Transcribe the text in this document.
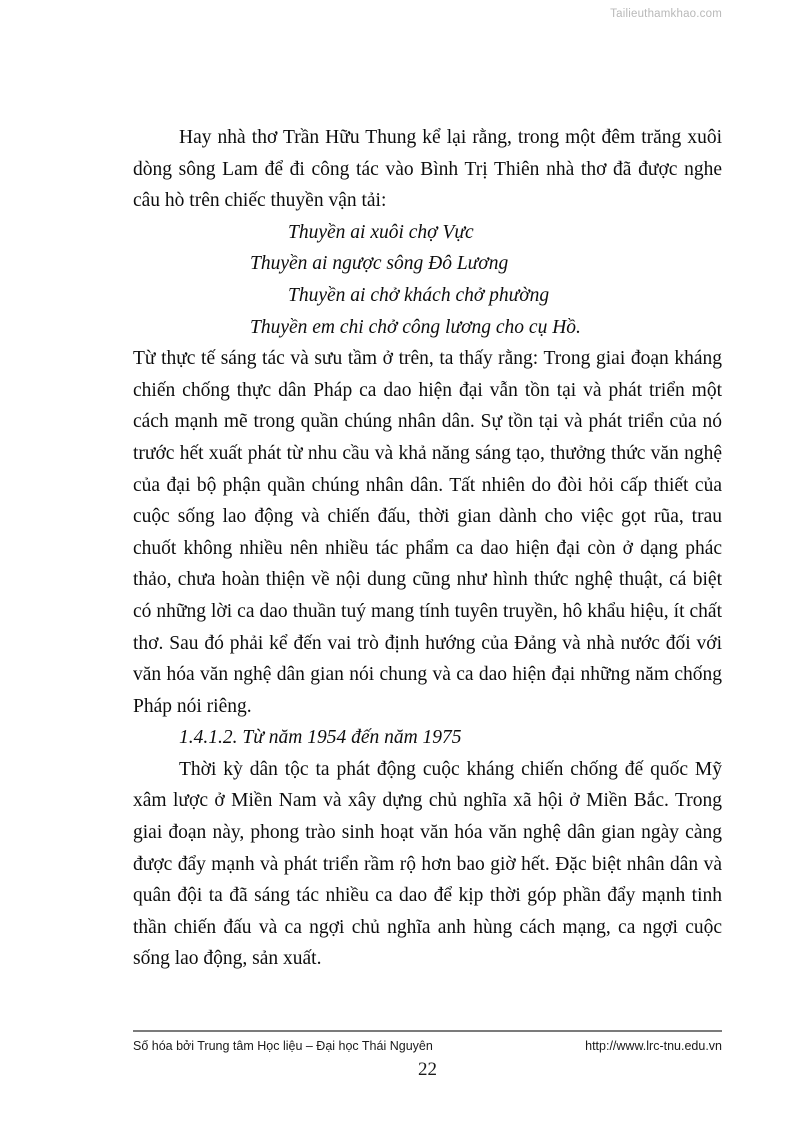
Tailieuthamkhao.com

Hay nhà thơ Trần Hữu Thung kể lại rằng, trong một đêm trăng xuôi dòng sông Lam để đi công tác vào Bình Trị Thiên nhà thơ đã được nghe câu hò trên chiếc thuyền vận tải:

Thuyền ai xuôi chợ Vực
Thuyền ai ngược sông Đô Lương
Thuyền ai chở khách chở phường
Thuyền em chi chở công lương cho cụ Hồ.

Từ thực tế sáng tác và sưu tầm ở trên, ta thấy rằng: Trong giai đoạn kháng chiến chống thực dân Pháp ca dao hiện đại vẫn tồn tại và phát triển một cách mạnh mẽ trong quần chúng nhân dân. Sự tồn tại và phát triển của nó trước hết xuất phát từ nhu cầu và khả năng sáng tạo, thưởng thức văn nghệ của đại bộ phận quần chúng nhân dân. Tất nhiên do đòi hỏi cấp thiết của cuộc sống lao động và chiến đấu, thời gian dành cho việc gọt rũa, trau chuốt không nhiều nên nhiều tác phẩm ca dao hiện đại còn ở dạng phác thảo, chưa hoàn thiện về nội dung cũng như hình thức nghệ thuật, cá biệt có những lời ca dao thuần tuý mang tính tuyên truyền, hô khẩu hiệu, ít chất thơ. Sau đó phải kể đến vai trò định hướng của Đảng và nhà nước đối với văn hóa văn nghệ dân gian nói chung và ca dao hiện đại những năm chống Pháp nói riêng.

1.4.1.2. Từ năm 1954 đến năm 1975

Thời kỳ dân tộc ta phát động cuộc kháng chiến chống đế quốc Mỹ xâm lược ở Miền Nam và xây dựng chủ nghĩa xã hội ở Miền Bắc. Trong giai đoạn này, phong trào sinh hoạt văn hóa văn nghệ dân gian ngày càng được đẩy mạnh và phát triển rầm rộ hơn bao giờ hết. Đặc biệt nhân dân và quân đội ta đã sáng tác nhiều ca dao để kịp thời góp phần đẩy mạnh tinh thần chiến đấu và ca ngợi chủ nghĩa anh hùng cách mạng, ca ngợi cuộc sống lao động, sản xuất.

Số hóa bởi Trung tâm Học liệu – Đại học Thái Nguyên	http://www.lrc-tnu.edu.vn
22
